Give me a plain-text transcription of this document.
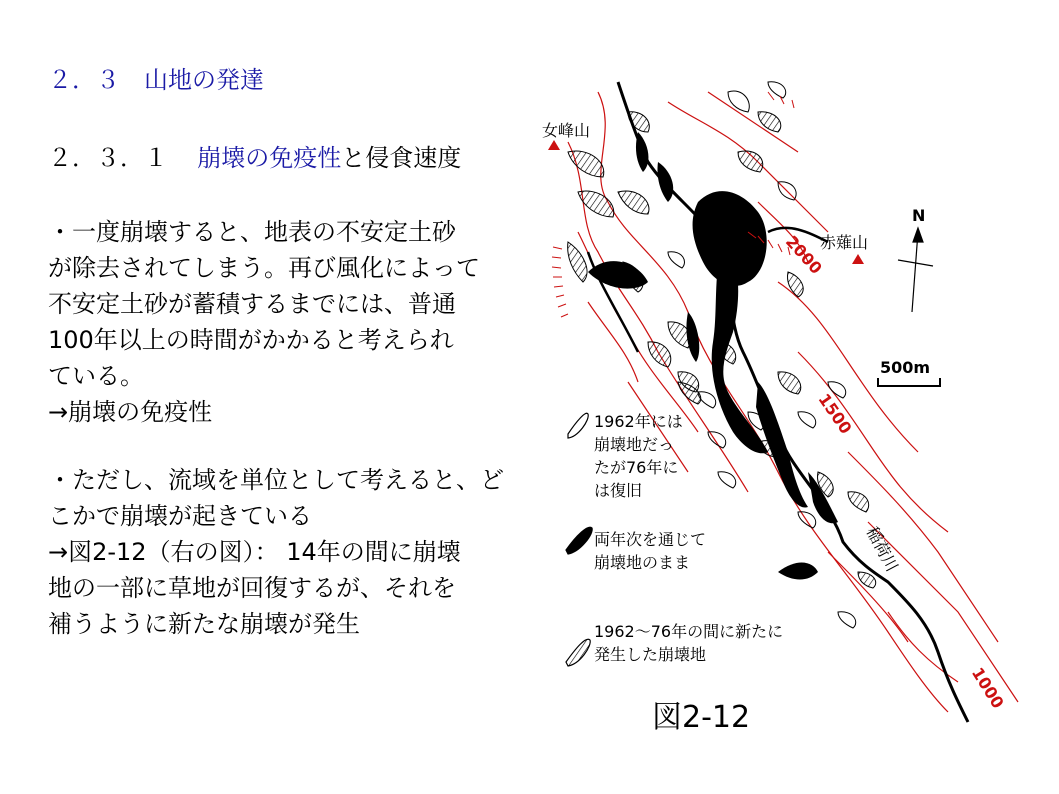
２．３　山地の発達
２．３．１ 崩壊の免疫性と侵食速度

・一度崩壊すると、地表の不安定土砂

が除去されてしまう。再び風化によって

不安定土砂が蓄積するまでには、普通

100年以上の時間がかかると考えられ

ている。

→崩壊の免疫性

・ただし、流域を単位として考えると、ど

こかで崩壊が起きている

→図2-12（右の図）： 14年の間に崩壊

地の一部に草地が回復するが、それを

補うように新たな崩壊が発生

女峰山
赤薙山
N
500m
稲荷川
2000
1500
1000
1962年には
崩壊地だっ
たが76年に
は復旧
両年次を通じて
崩壊地のまま
1962～76年の間に新たに
発生した崩壊地
図2-12
